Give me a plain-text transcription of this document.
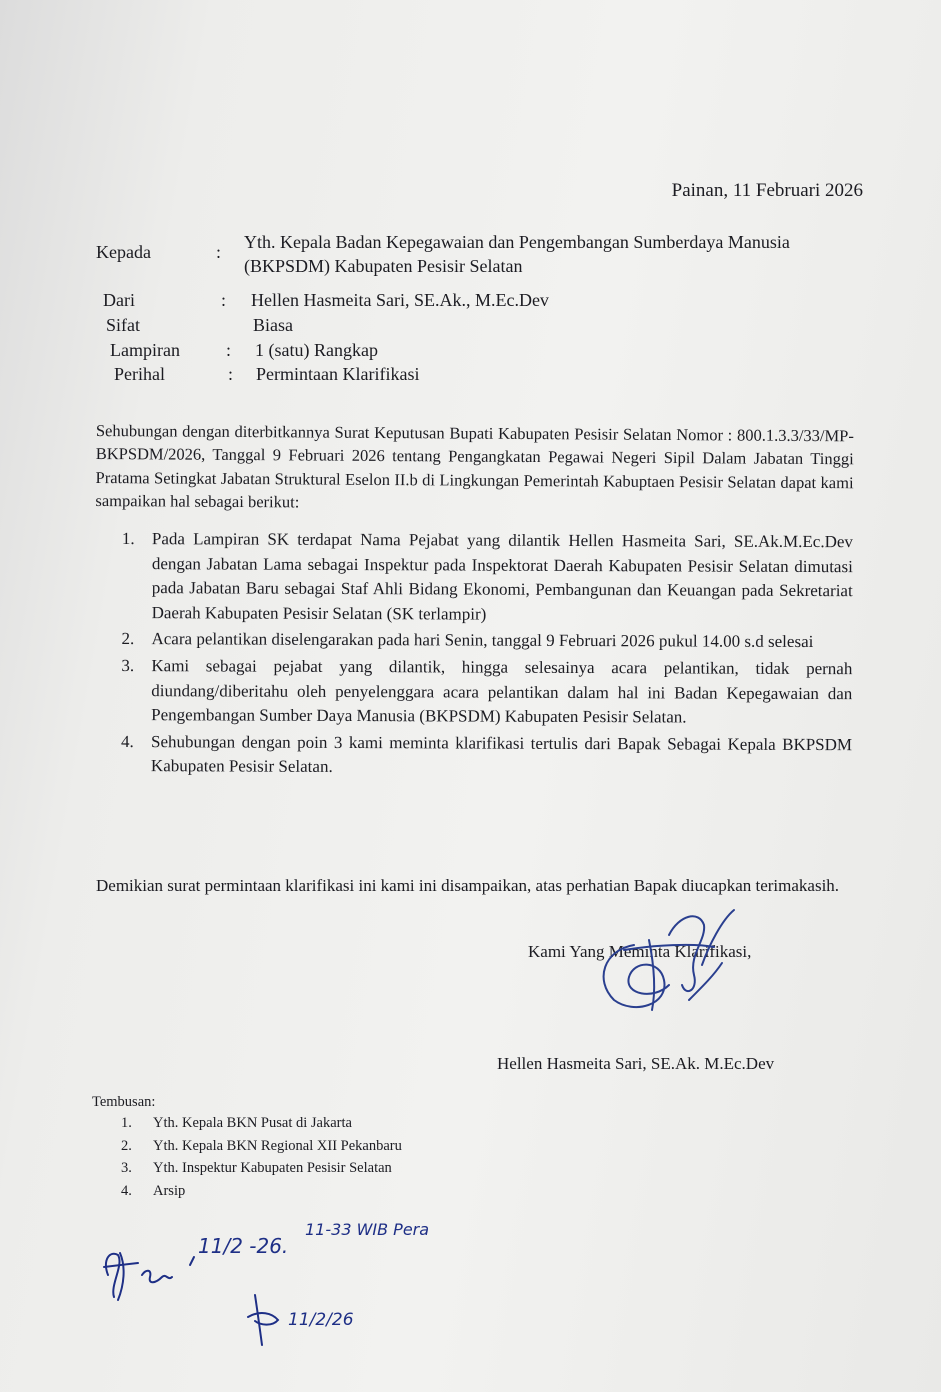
Painan, 11 Februari 2026
Kepada	: Yth. Kepala Badan Kepegawaian dan Pengembangan Sumberdaya Manusia (BKPSDM) Kabupaten Pesisir Selatan
Dari	: Hellen Hasmeita Sari, SE.Ak., M.Ec.Dev
Sifat	Biasa
Lampiran	: 1 (satu) Rangkap
Perihal	: Permintaan Klarifikasi
Sehubungan dengan diterbitkannya Surat Keputusan Bupati Kabupaten Pesisir Selatan Nomor : 800.1.3.3/33/MP-BKPSDM/2026, Tanggal 9 Februari 2026 tentang Pengangkatan Pegawai Negeri Sipil Dalam Jabatan Tinggi Pratama Setingkat Jabatan Struktural Eselon II.b di Lingkungan Pemerintah Kabuptaen Pesisir Selatan dapat kami sampaikan hal sebagai berikut:
1. Pada Lampiran SK terdapat Nama Pejabat yang dilantik Hellen Hasmeita Sari, SE.Ak.M.Ec.Dev dengan Jabatan Lama sebagai Inspektur pada Inspektorat Daerah Kabupaten Pesisir Selatan dimutasi pada Jabatan Baru sebagai Staf Ahli Bidang Ekonomi, Pembangunan dan Keuangan pada Sekretariat Daerah Kabupaten Pesisir Selatan (SK terlampir)
2. Acara pelantikan diselengarakan pada hari Senin, tanggal 9 Februari 2026 pukul 14.00 s.d selesai
3. Kami sebagai pejabat yang dilantik, hingga selesainya acara pelantikan, tidak pernah diundang/diberitahu oleh penyelenggara acara pelantikan dalam hal ini Badan Kepegawaian dan Pengembangan Sumber Daya Manusia (BKPSDM) Kabupaten Pesisir Selatan.
4. Sehubungan dengan poin 3 kami meminta klarifikasi tertulis dari Bapak Sebagai Kepala BKPSDM Kabupaten Pesisir Selatan.
Demikian surat permintaan klarifikasi ini kami ini disampaikan, atas perhatian Bapak diucapkan terimakasih.
Kami Yang Meminta Klarifikasi,
Hellen Hasmeita Sari, SE.Ak. M.Ec.Dev
Tembusan:
1. Yth. Kepala BKN Pusat di Jakarta
2. Yth. Kepala BKN Regional XII Pekanbaru
3. Yth. Inspektur Kabupaten Pesisir Selatan
4. Arsip
11/2 -26.
11-33 WIB Pera
11/2/26
